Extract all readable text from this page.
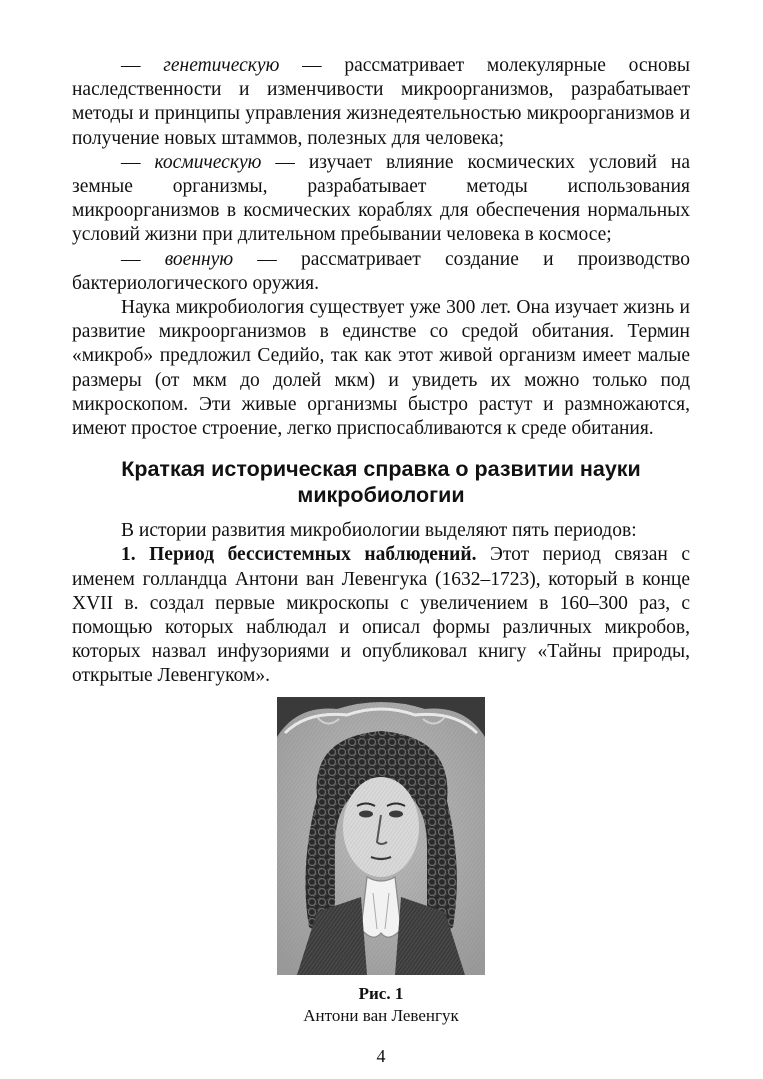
— генетическую — рассматривает молекулярные основы наследственности и изменчивости микроорганизмов, разрабатывает методы и принципы управления жизнедеятельностью микроорганизмов и получение новых штаммов, полезных для человека;

— космическую — изучает влияние космических условий на земные организмы, разрабатывает методы использования микроорганизмов в космических кораблях для обеспечения нормальных условий жизни при длительном пребывании человека в космосе;

— военную — рассматривает создание и производство бактериологического оружия.

Наука микробиология существует уже 300 лет. Она изучает жизнь и развитие микроорганизмов в единстве со средой обитания. Термин «микроб» предложил Седийо, так как этот живой организм имеет малые размеры (от мкм до долей мкм) и увидеть их можно только под микроскопом. Эти живые организмы быстро растут и размножаются, имеют простое строение, легко приспосабливаются к среде обитания.

Краткая историческая справка о развитии науки
микробиологии

В истории развития микробиологии выделяют пять периодов:

1. Период бессистемных наблюдений. Этот период связан с именем голландца Антони ван Левенгука (1632–1723), который в конце XVII в. создал первые микроскопы с увеличением в 160–300 раз, с помощью которых наблюдал и описал формы различных микробов, которых назвал инфузориями и опубликовал книгу «Тайны природы, открытые Левенгуком».

Рис. 1
Антони ван Левенгук
4
